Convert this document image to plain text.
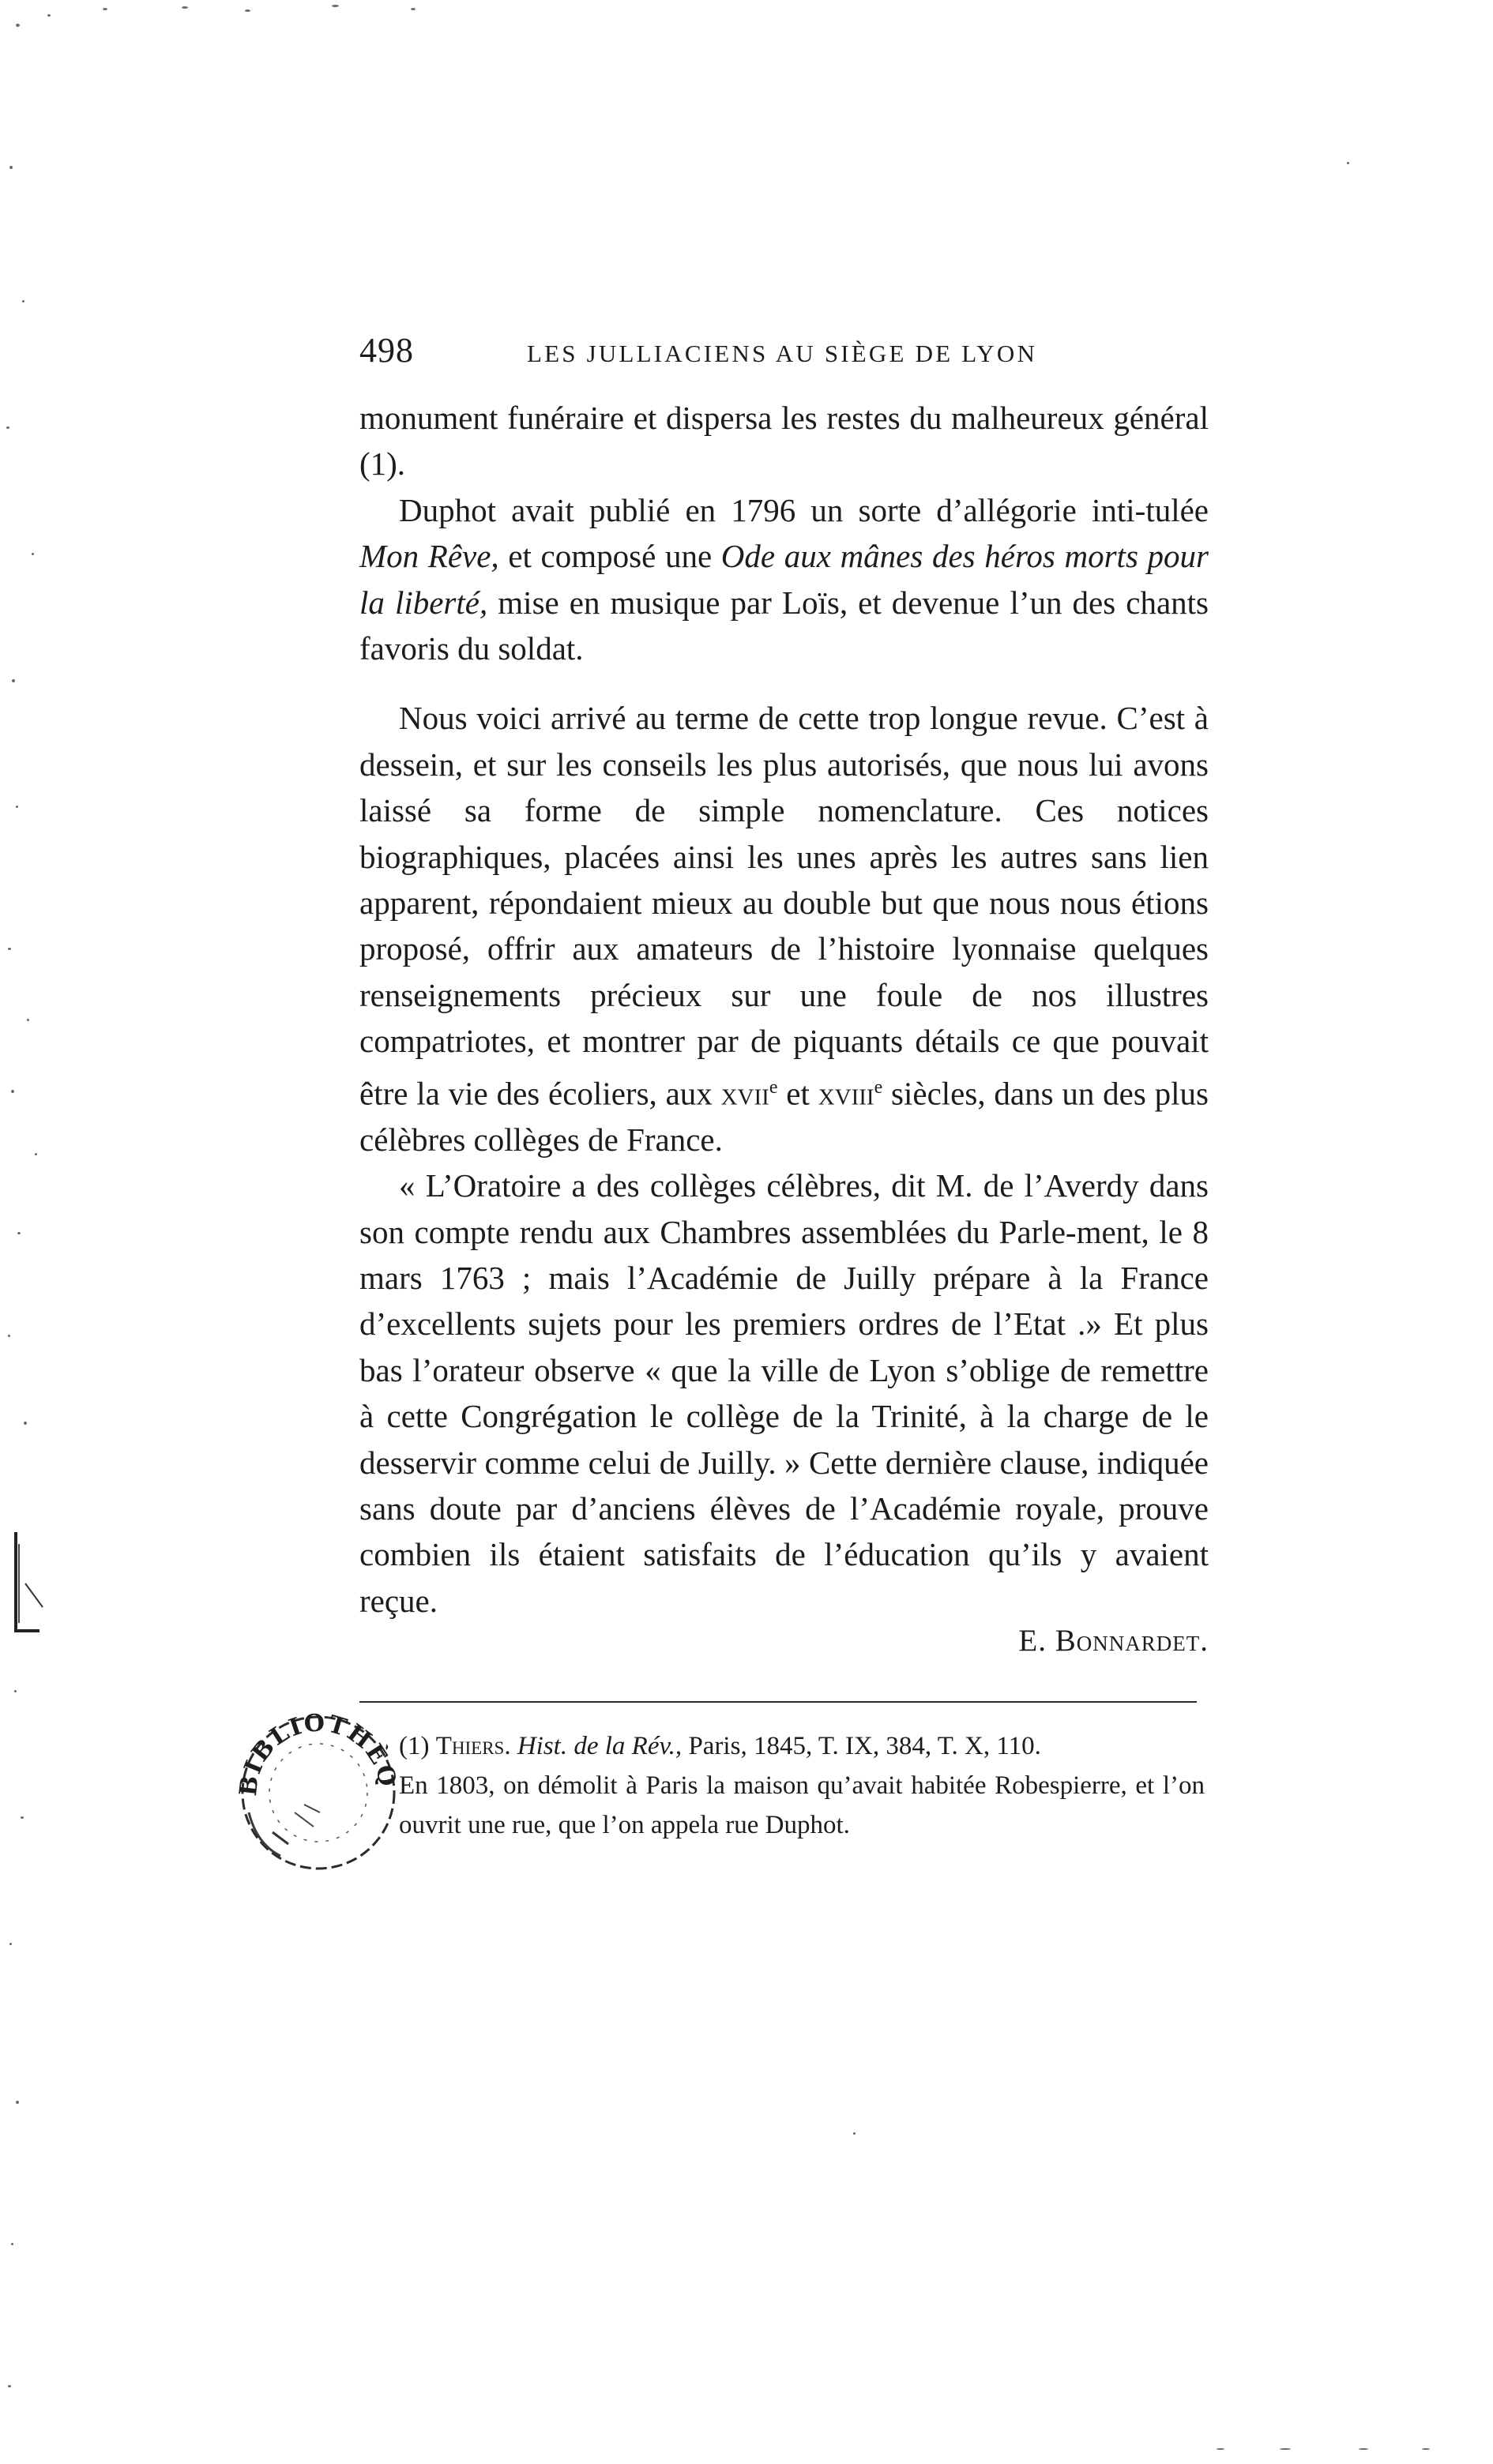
498	LES JULLIACIENS AU SIÈGE DE LYON

monument funéraire et dispersa les restes du malheureux général (1).

Duphot avait publié en 1796 un sorte d’allégorie inti-tulée Mon Rêve, et composé une Ode aux mânes des héros morts pour la liberté, mise en musique par Loïs, et devenue l’un des chants favoris du soldat.

Nous voici arrivé au terme de cette trop longue revue. C’est à dessein, et sur les conseils les plus autorisés, que nous lui avons laissé sa forme de simple nomenclature. Ces notices biographiques, placées ainsi les unes après les autres sans lien apparent, répondaient mieux au double but que nous nous étions proposé, offrir aux amateurs de l’histoire lyonnaise quelques renseignements précieux sur une foule de nos illustres compatriotes, et montrer par de piquants détails ce que pouvait être la vie des écoliers, aux xvii$^e$ et xviii$^e$ siècles, dans un des plus célèbres collèges de France.

« L’Oratoire a des collèges célèbres, dit M. de l’Averdy dans son compte rendu aux Chambres assemblées du Parle-ment, le 8 mars 1763 ; mais l’Académie de Juilly prépare à la France d’excellents sujets pour les premiers ordres de l’Etat .» Et plus bas l’orateur observe « que la ville de Lyon s’oblige de remettre à cette Congrégation le collège de la Trinité, à la charge de le desservir comme celui de Juilly. » Cette dernière clause, indiquée sans doute par d’anciens élèves de l’Académie royale, prouve combien ils étaient satisfaits de l’éducation qu’ils y avaient reçue.

E. Bonnardet.

(1) Thiers. Hist. de la Rév., Paris, 1845, T. IX, 384, T. X, 110.

En 1803, on démolit à Paris la maison qu’avait habitée Robespierre, et l’on ouvrit une rue, que l’on appela rue Duphot.

BIBLIOTHÈQ
